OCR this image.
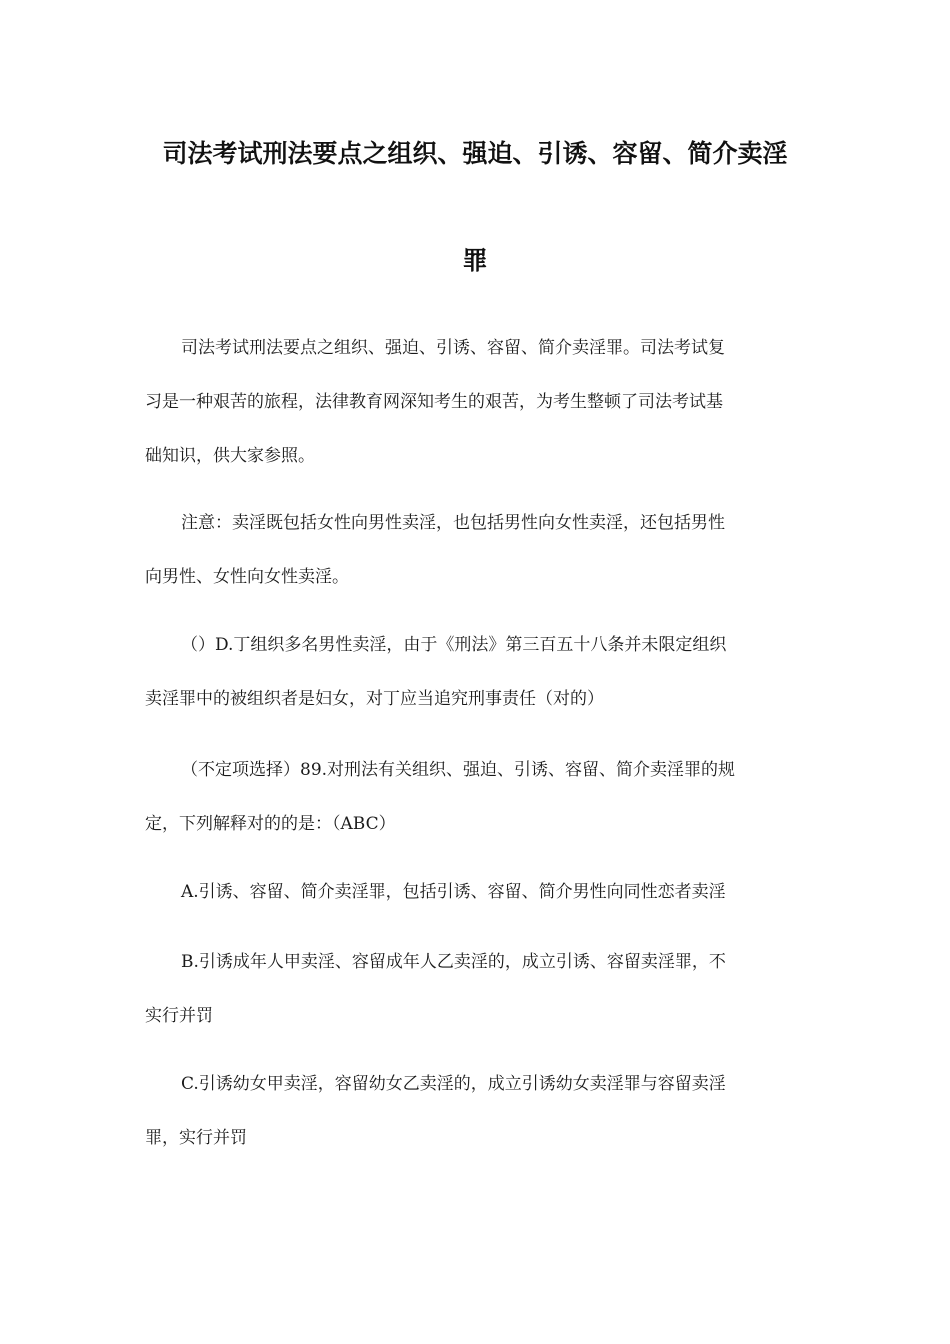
司法考试刑法要点之组织、强迫、引诱、容留、简介卖淫
罪

司法考试刑法要点之组织、强迫、引诱、容留、简介卖淫罪。司法考试复
习是一种艰苦的旅程，法律教育网深知考生的艰苦，为考生整顿了司法考试基
础知识，供大家参照。

注意：卖淫既包括女性向男性卖淫，也包括男性向女性卖淫，还包括男性
向男性、女性向女性卖淫。

（）D.丁组织多名男性卖淫，由于《刑法》第三百五十八条并未限定组织
卖淫罪中的被组织者是妇女，对丁应当追究刑事责任（对的）

（不定项选择）89.对刑法有关组织、强迫、引诱、容留、简介卖淫罪的规
定，下列解释对的的是：（ABC）

A.引诱、容留、简介卖淫罪，包括引诱、容留、简介男性向同性恋者卖淫

B.引诱成年人甲卖淫、容留成年人乙卖淫的，成立引诱、容留卖淫罪，不
实行并罚

C.引诱幼女甲卖淫，容留幼女乙卖淫的，成立引诱幼女卖淫罪与容留卖淫
罪，实行并罚
